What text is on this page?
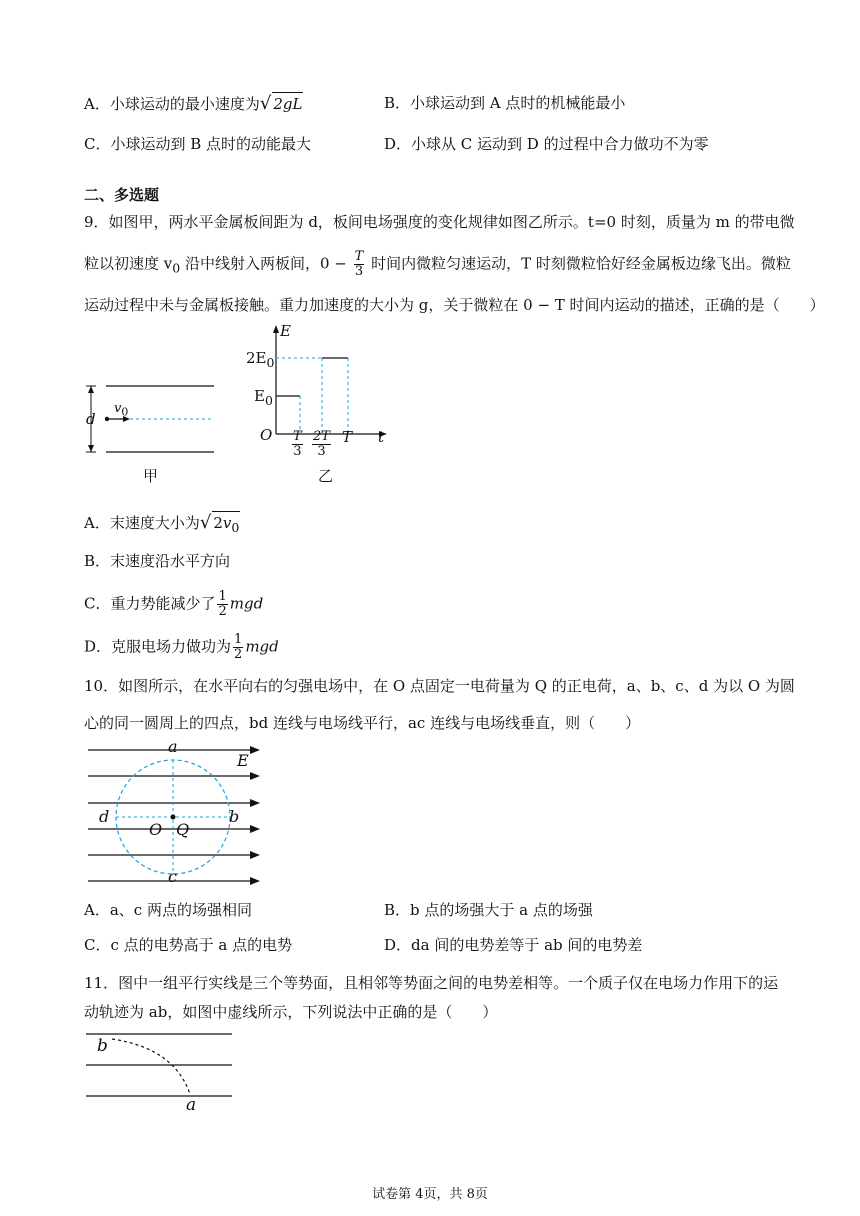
A．小球运动的最小速度为√ 2gL	B．小球运动到 A 点时的机械能最小
C．小球运动到 B 点时的动能最大	D．小球从 C 运动到 D 的过程中合力做功不为零
二、多选题
9．如图甲，两水平金属板间距为 d，板间电场强度的变化规律如图乙所示。t=0 时刻，质量为 m 的带电微
粒以初速度 $v_0$ 沿中线射入两板间，$0 - \frac{T}{3}$ 时间内微粒匀速运动，T 时刻微粒恰好经金属板边缘飞出。微粒
运动过程中未与金属板接触。重力加速度的大小为 g，关于微粒在 0 − T 时间内运动的描述，正确的是（　　）
d
$v_0$
甲
E
$2E_0$
$E_0$
O	t
$\frac{T}{3} \frac{2T}{3}$ T
乙
A．末速度大小为√ $2v_0$
B．末速度沿水平方向
C．重力势能减少了 $\frac{1}{2}$ mgd
D．克服电场力做功为 $\frac{1}{2}$ mgd
10．如图所示，在水平向右的匀强电场中，在 O 点固定一电荷量为 Q 的正电荷，a、b、c、d 为以 O 为圆
心的同一圆周上的四点，bd 连线与电场线平行，ac 连线与电场线垂直，则（　　）
a
E
d	b
O Q
c
A．a、c 两点的场强相同	B．b 点的场强大于 a 点的场强
C．c 点的电势高于 a 点的电势	D．da 间的电势差等于 ab 间的电势差
11．图中一组平行实线是三个等势面，且相邻等势面之间的电势差相等。一个质子仅在电场力作用下的运
动轨迹为 ab，如图中虚线所示，下列说法中正确的是（　　）
b
a
试卷第 4页，共 8页
